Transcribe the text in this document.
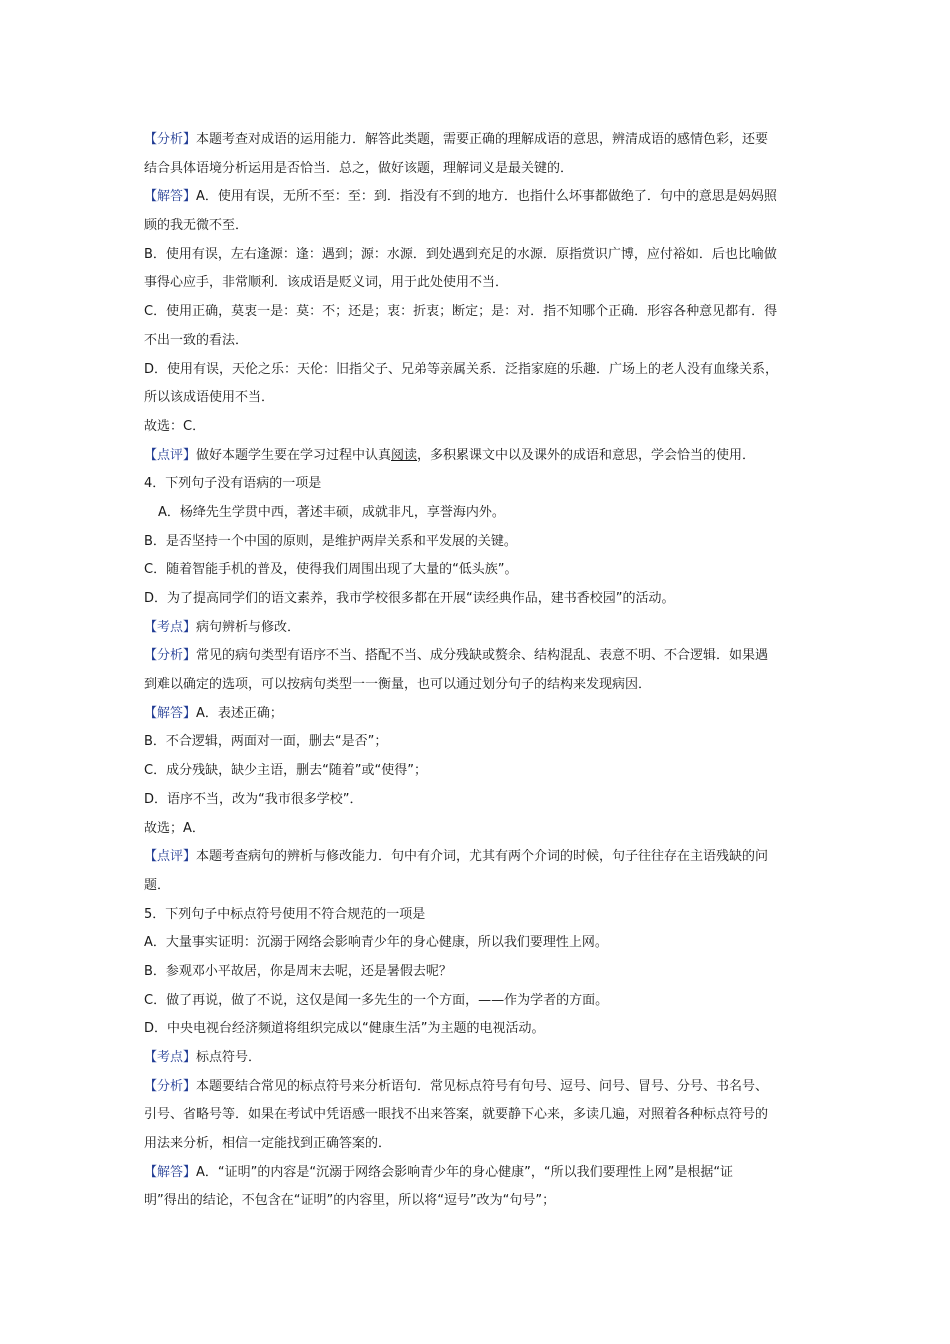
【分析】本题考查对成语的运用能力．解答此类题，需要正确的理解成语的意思，辨清成语的感情色彩，还要
结合具体语境分析运用是否恰当．总之，做好该题，理解词义是最关键的．
【解答】A．使用有误，无所不至：至：到．指没有不到的地方．也指什么坏事都做绝了．句中的意思是妈妈照
顾的我无微不至．
B．使用有误，左右逢源：逢：遇到；源：水源．到处遇到充足的水源．原指赏识广博，应付裕如．后也比喻做
事得心应手，非常顺利．该成语是贬义词，用于此处使用不当．
C．使用正确，莫衷一是：莫：不；还是；衷：折衷；断定；是：对．指不知哪个正确．形容各种意见都有．得
不出一致的看法．
D．使用有误，天伦之乐：天伦：旧指父子、兄弟等亲属关系．泛指家庭的乐趣．广场上的老人没有血缘关系，
所以该成语使用不当．
故选：C．
【点评】做好本题学生要在学习过程中认真阅读，多积累课文中以及课外的成语和意思，学会恰当的使用．
4．下列句子没有语病的一项是
A．杨绛先生学贯中西，著述丰硕，成就非凡，享誉海内外。
B．是否坚持一个中国的原则，是维护两岸关系和平发展的关键。
C．随着智能手机的普及，使得我们周围出现了大量的“低头族”。
D．为了提高同学们的语文素养，我市学校很多都在开展“读经典作品，建书香校园”的活动。
【考点】病句辨析与修改．
【分析】常见的病句类型有语序不当、搭配不当、成分残缺或赘余、结构混乱、表意不明、不合逻辑．如果遇
到难以确定的选项，可以按病句类型一一衡量，也可以通过划分句子的结构来发现病因．
【解答】A．表述正确；
B．不合逻辑，两面对一面，删去“是否”；
C．成分残缺，缺少主语，删去“随着”或“使得”；
D．语序不当，改为“我市很多学校”．
故选；A．
【点评】本题考查病句的辨析与修改能力．句中有介词，尤其有两个介词的时候，句子往往存在主语残缺的问
题．
5．下列句子中标点符号使用不符合规范的一项是
A．大量事实证明：沉溺于网络会影响青少年的身心健康，所以我们要理性上网。
B．参观邓小平故居，你是周末去呢，还是暑假去呢？
C．做了再说，做了不说，这仅是闻一多先生的一个方面，——作为学者的方面。
D．中央电视台经济频道将组织完成以“健康生活”为主题的电视活动。
【考点】标点符号．
【分析】本题要结合常见的标点符号来分析语句．常见标点符号有句号、逗号、问号、冒号、分号、书名号、
引号、省略号等．如果在考试中凭语感一眼找不出来答案，就要静下心来，多读几遍，对照着各种标点符号的
用法来分析，相信一定能找到正确答案的．
【解答】A．“证明”的内容是“沉溺于网络会影响青少年的身心健康”，“所以我们要理性上网”是根据“证
明”得出的结论，不包含在“证明”的内容里，所以将“逗号”改为“句号”；
